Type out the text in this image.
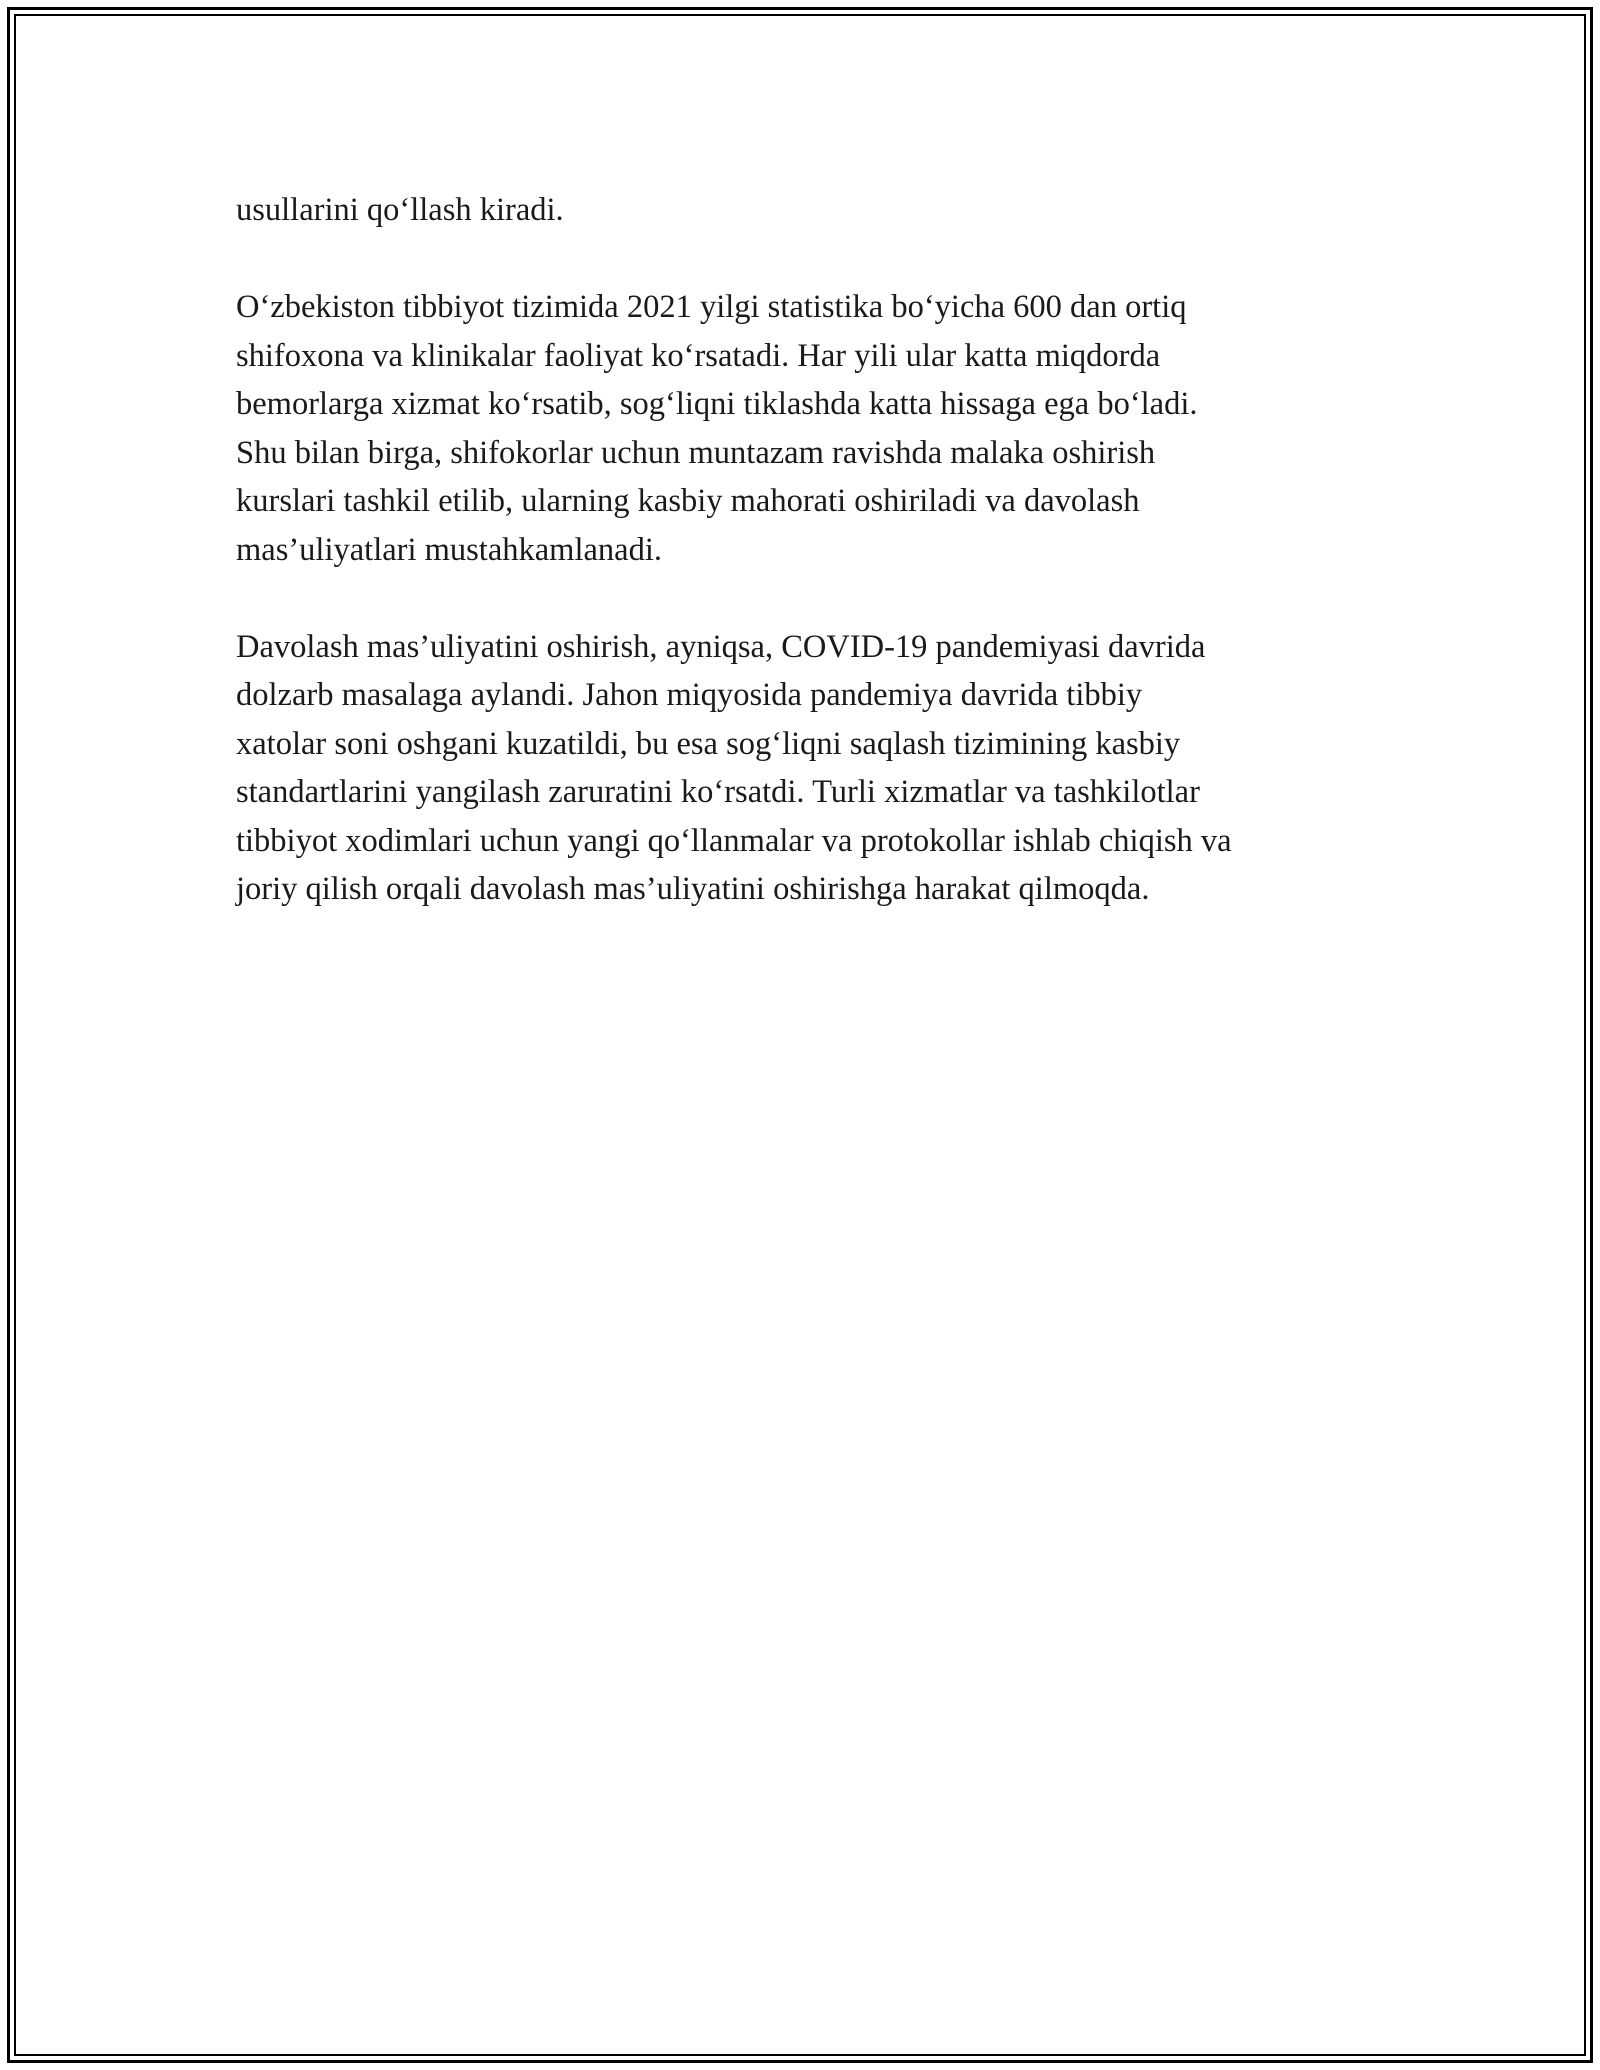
usullarini qo‘llash kiradi.

O‘zbekiston tibbiyot tizimida 2021 yilgi statistika bo‘yicha 600 dan ortiq
shifoxona va klinikalar faoliyat ko‘rsatadi. Har yili ular katta miqdorda
bemorlarga xizmat ko‘rsatib, sog‘liqni tiklashda katta hissaga ega bo‘ladi.
Shu bilan birga, shifokorlar uchun muntazam ravishda malaka oshirish
kurslari tashkil etilib, ularning kasbiy mahorati oshiriladi va davolash
mas’uliyatlari mustahkamlanadi.

Davolash mas’uliyatini oshirish, ayniqsa, COVID-19 pandemiyasi davrida
dolzarb masalaga aylandi. Jahon miqyosida pandemiya davrida tibbiy
xatolar soni oshgani kuzatildi, bu esa sog‘liqni saqlash tizimining kasbiy
standartlarini yangilash zaruratini ko‘rsatdi. Turli xizmatlar va tashkilotlar
tibbiyot xodimlari uchun yangi qo‘llanmalar va protokollar ishlab chiqish va
joriy qilish orqali davolash mas’uliyatini oshirishga harakat qilmoqda.
